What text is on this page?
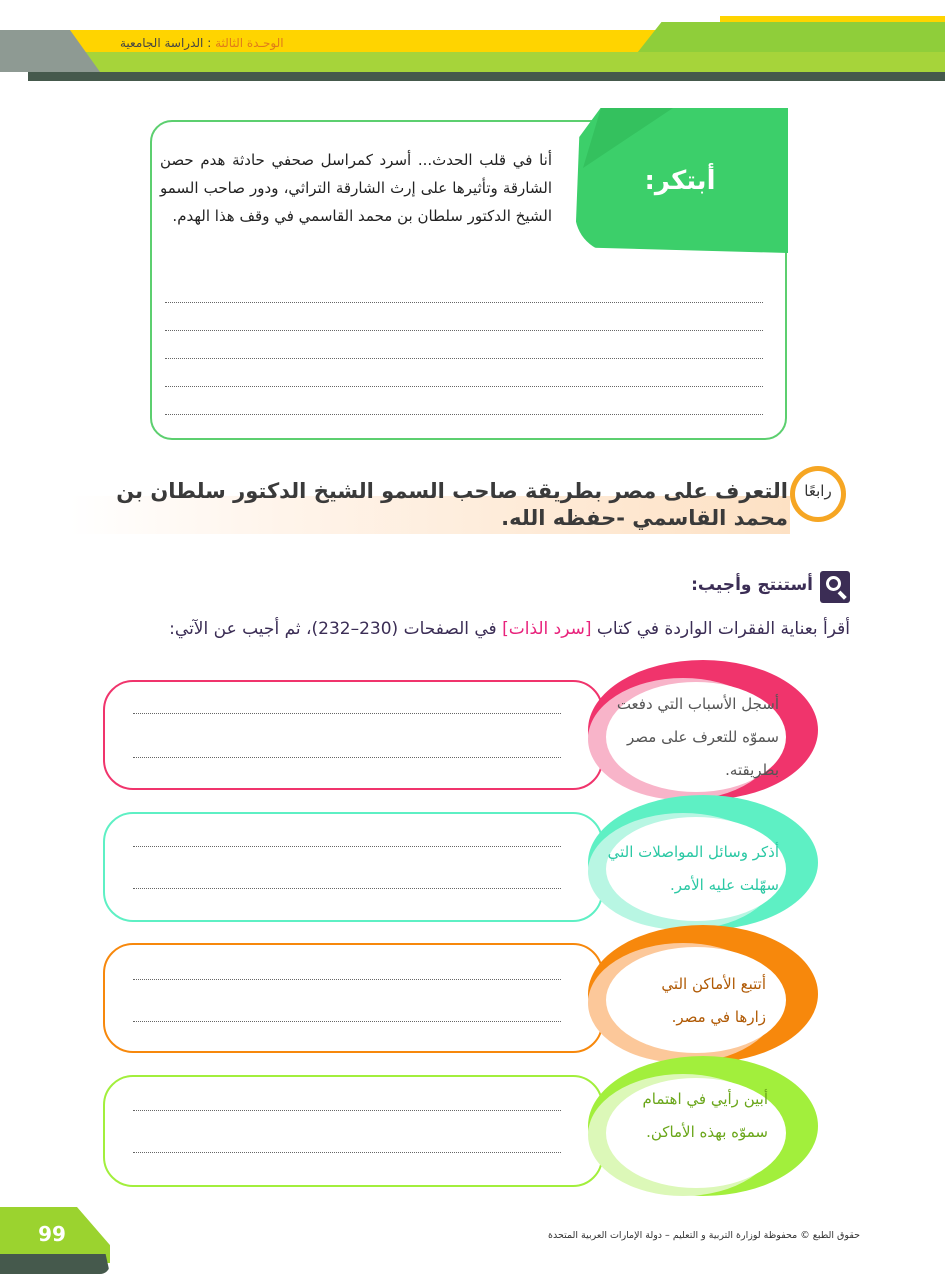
الوحـدة الثالثة : الدراسة الجامعية
أبتكر:
أنا في قلب الحدث... أسرد كمراسل صحفي حادثة هدم حصن الشارقة وتأثيرها على إرث الشارقة التراثي، ودور صاحب السمو الشيخ الدكتور سلطان بن محمد القاسمي في وقف هذا الهدم.
رابعًا
التعرف على مصر بطريقة صاحب السمو الشيخ الدكتور سلطان بن محمد القاسمي -حفظه الله.
أستنتج وأجيب:
أقرأ بعناية الفقرات الواردة في كتاب [سرد الذات] في الصفحات (230–232)، ثم أجيب عن الآتي:
أسجل الأسباب التي دفعت سموّه للتعرف على مصر بطريقته.
أذكر وسائل المواصلات التي سهّلت عليه الأمر.
أتتبع الأماكن التي زارها في مصر.
أبين رأيي في اهتمام سموّه بهذه الأماكن.
99	حقوق الطبع © محفوظة لوزارة التربية و التعليم – دولة الإمارات العربية المتحدة
